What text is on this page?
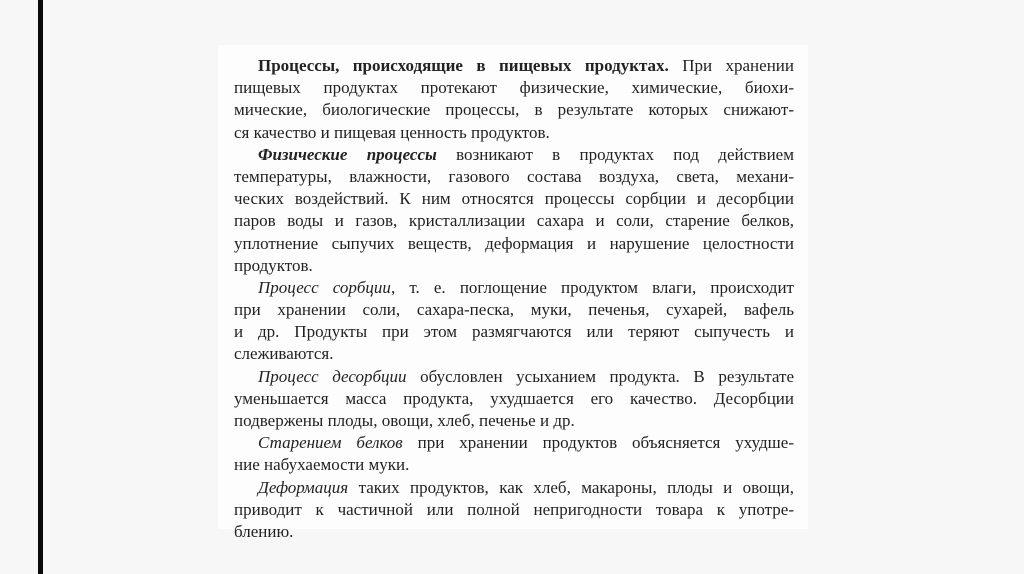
Процессы, происходящие в пищевых продуктах. При хранении
пищевых продуктах протекают физические, химические, биохи-
мические, биологические процессы, в результате которых снижают-
ся качество и пищевая ценность продуктов.
Физические процессы возникают в продуктах под действием
температуры, влажности, газового состава воздуха, света, механи-
ческих воздействий. К ним относятся процессы сорбции и десорбции
паров воды и газов, кристаллизации сахара и соли, старение белков,
уплотнение сыпучих веществ, деформация и нарушение целостности
продуктов.
Процесс сорбции, т. е. поглощение продуктом влаги, происходит
при хранении соли, сахара-песка, муки, печенья, сухарей, вафель
и др. Продукты при этом размягчаются или теряют сыпучесть и
слеживаются.
Процесс десорбции обусловлен усыханием продукта. В результате
уменьшается масса продукта, ухудшается его качество. Десорбции
подвержены плоды, овощи, хлеб, печенье и др.
Старением белков при хранении продуктов объясняется ухудше-
ние набухаемости муки.
Деформация таких продуктов, как хлеб, макароны, плоды и овощи,
приводит к частичной или полной непригодности товара к употре-
блению.
